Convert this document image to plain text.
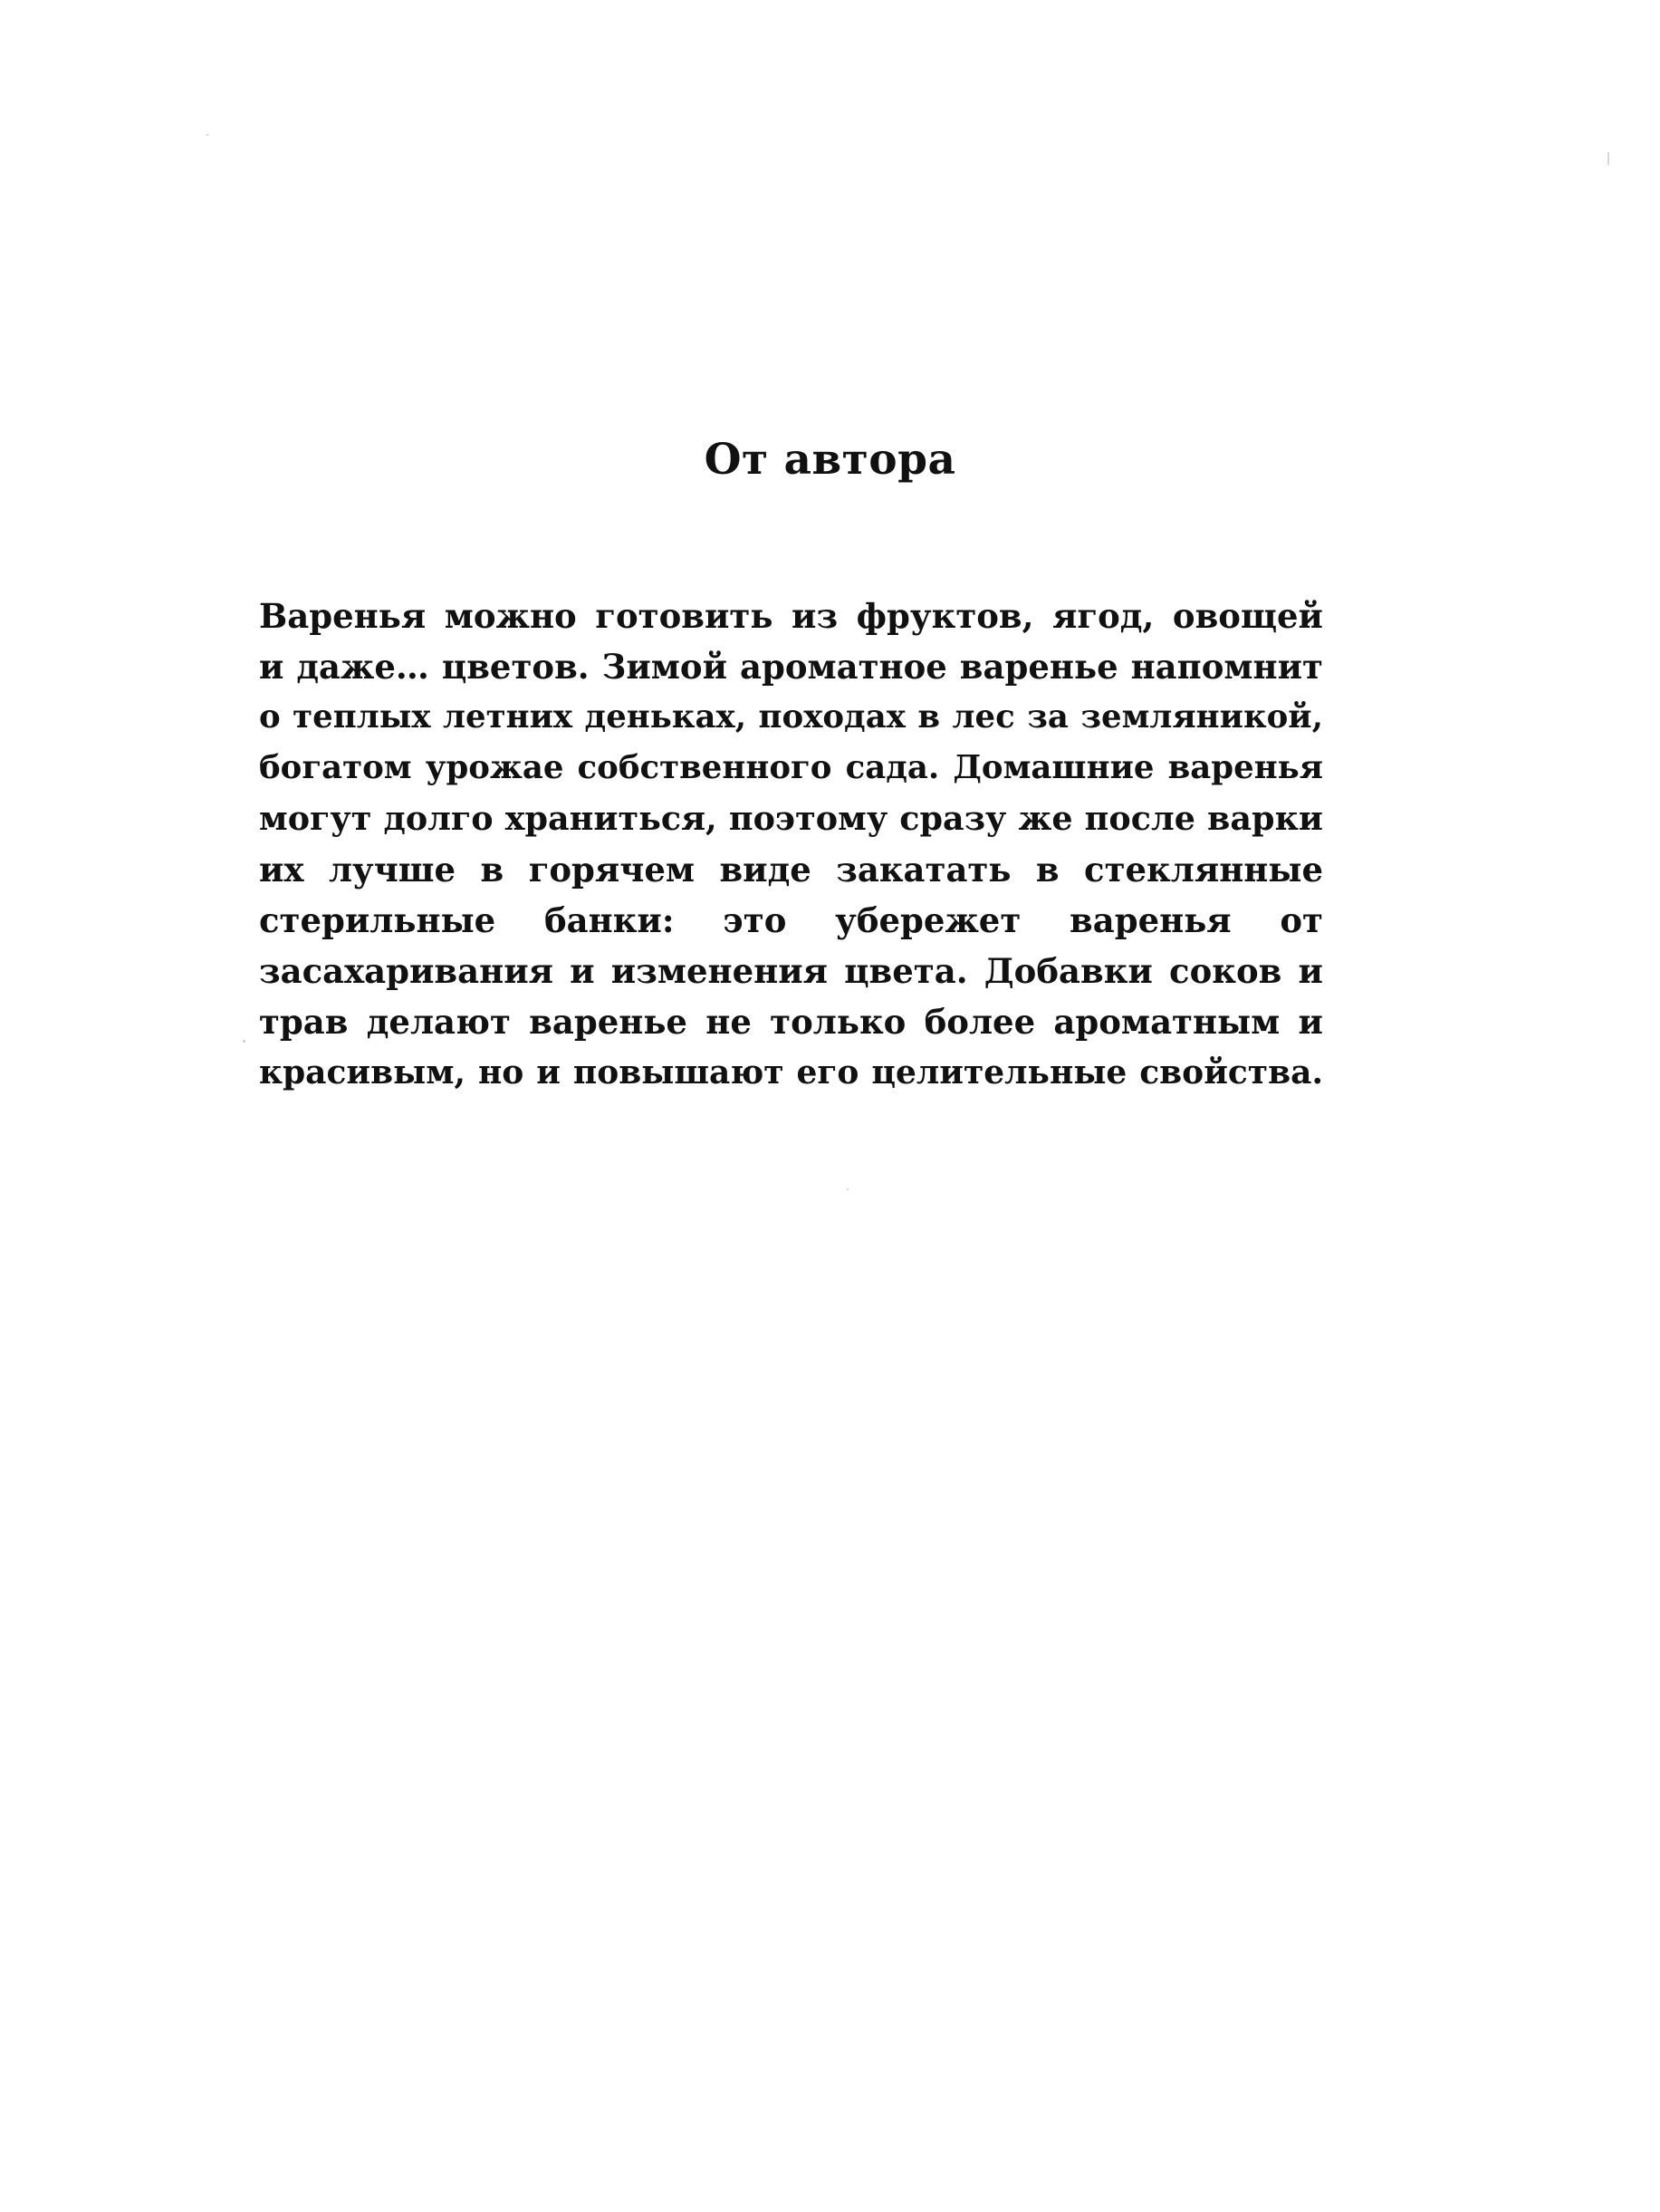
От автора
Варенья можно готовить из фруктов, ягод, овощей
и даже… цветов. Зимой ароматное варенье напомнит
о теплых летних деньках, походах в лес за земляникой,
богатом урожае собственного сада. Домашние варенья
могут долго храниться, поэтому сразу же после варки
их лучше в горячем виде закатать в стеклянные
стерильные банки: это убережет варенья от
засахаривания и изменения цвета. Добавки соков и
трав делают варенье не только более ароматным и
красивым, но и повышают его целительные свойства.
